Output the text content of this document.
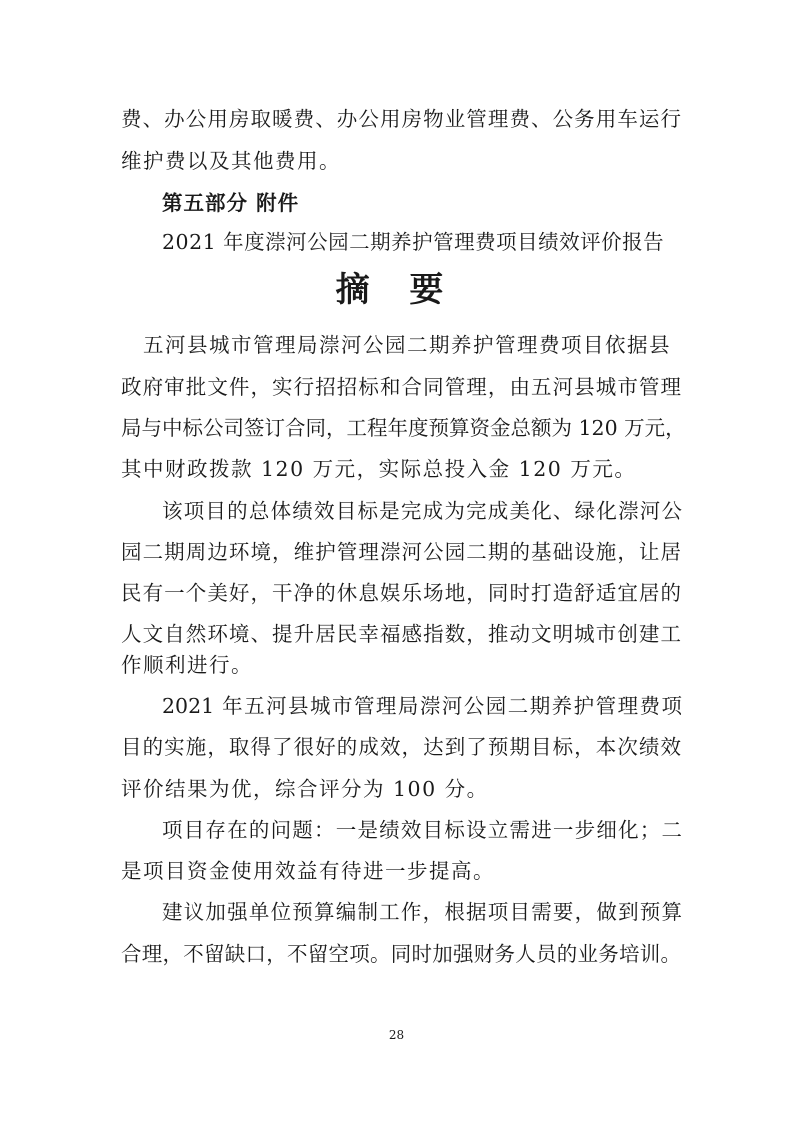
费、办公用房取暖费、办公用房物业管理费、公务用车运行
维护费以及其他费用。
第五部分 附件
2021 年度漴河公园二期养护管理费项目绩效评价报告
摘 要
五河县城市管理局漴河公园二期养护管理费项目依据县
政府审批文件，实行招招标和合同管理，由五河县城市管理
局与中标公司签订合同，工程年度预算资金总额为 120 万元，
其中财政拨款 120 万元，实际总投入金 120 万元。
该项目的总体绩效目标是完成为完成美化、绿化漴河公
园二期周边环境，维护管理漴河公园二期的基础设施，让居
民有一个美好，干净的休息娱乐场地，同时打造舒适宜居的
人文自然环境、提升居民幸福感指数，推动文明城市创建工
作顺利进行。
2021 年五河县城市管理局漴河公园二期养护管理费项
目的实施，取得了很好的成效，达到了预期目标，本次绩效
评价结果为优，综合评分为 100 分。
项目存在的问题：一是绩效目标设立需进一步细化；二
是项目资金使用效益有待进一步提高。
建议加强单位预算编制工作，根据项目需要，做到预算
合理，不留缺口，不留空项。同时加强财务人员的业务培训。
28
